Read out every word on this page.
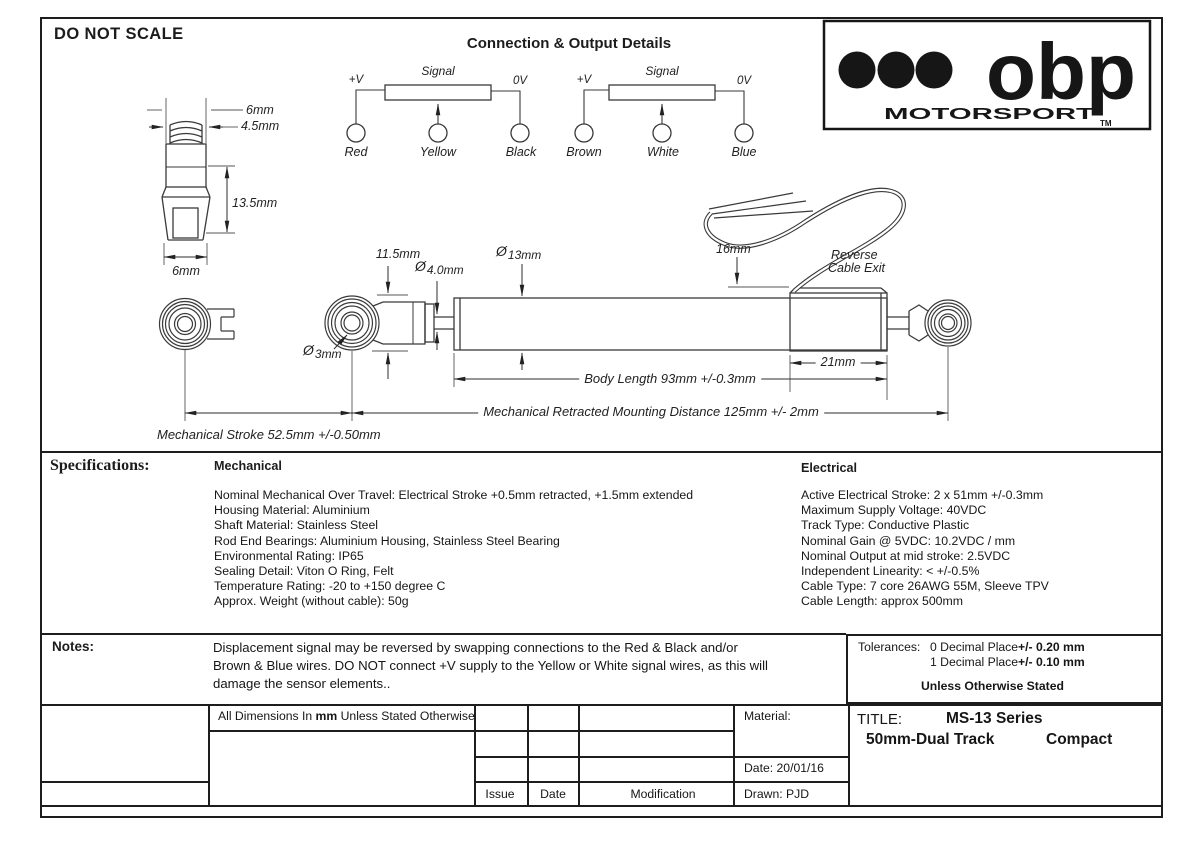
obp
MOTORSPORT
TM
DO NOT SCALE
Connection & Output Details
+V
Signal
0V
Red	Yellow	Black
+V
Signal
0V
Brown	White	Blue
6mm
4.5mm
13.5mm
6mm
11.5mm
Ø4.0mm
Ø13mm
Ø3mm
16mm	Reverse
Cable Exit
21mm
Body Length 93mm +/-0.3mm
Mechanical Retracted Mounting Distance 125mm +/- 2mm
Mechanical Stroke 52.5mm +/-0.50mm
Specifications:	Mechanical
Nominal Mechanical Over Travel: Electrical Stroke +0.5mm retracted, +1.5mm extended
Housing Material: Aluminium
Shaft Material: Stainless Steel
Rod End Bearings: Aluminium Housing, Stainless Steel Bearing
Environmental Rating: IP65
Sealing Detail: Viton O Ring, Felt
Temperature Rating: -20 to +150 degree C
Approx. Weight (without cable): 50g
Electrical
Active Electrical Stroke: 2 x 51mm +/-0.3mm
Maximum Supply Voltage: 40VDC
Track Type: Conductive Plastic
Nominal Gain @ 5VDC: 10.2VDC / mm
Nominal Output at mid stroke: 2.5VDC
Independent Linearity: < +/-0.5%
Cable Type: 7 core 26AWG 55M, Sleeve TPV
Cable Length: approx 500mm
Notes:	Displacement signal may be reversed by swapping connections to the Red & Black and/or
Brown & Blue wires. DO NOT connect +V supply to the Yellow or White signal wires, as this will
damage the sensor elements..
Tolerances: 0 Decimal Place +/- 0.20 mm
1 Decimal Place +/- 0.10 mm
Unless Otherwise Stated
All Dimensions In mm Unless Stated Otherwise
Issue Date	Modification
Material:
Date: 20/01/16
Drawn: PJD
TITLE:	MS-13 Series
50mm-Dual Track	Compact
